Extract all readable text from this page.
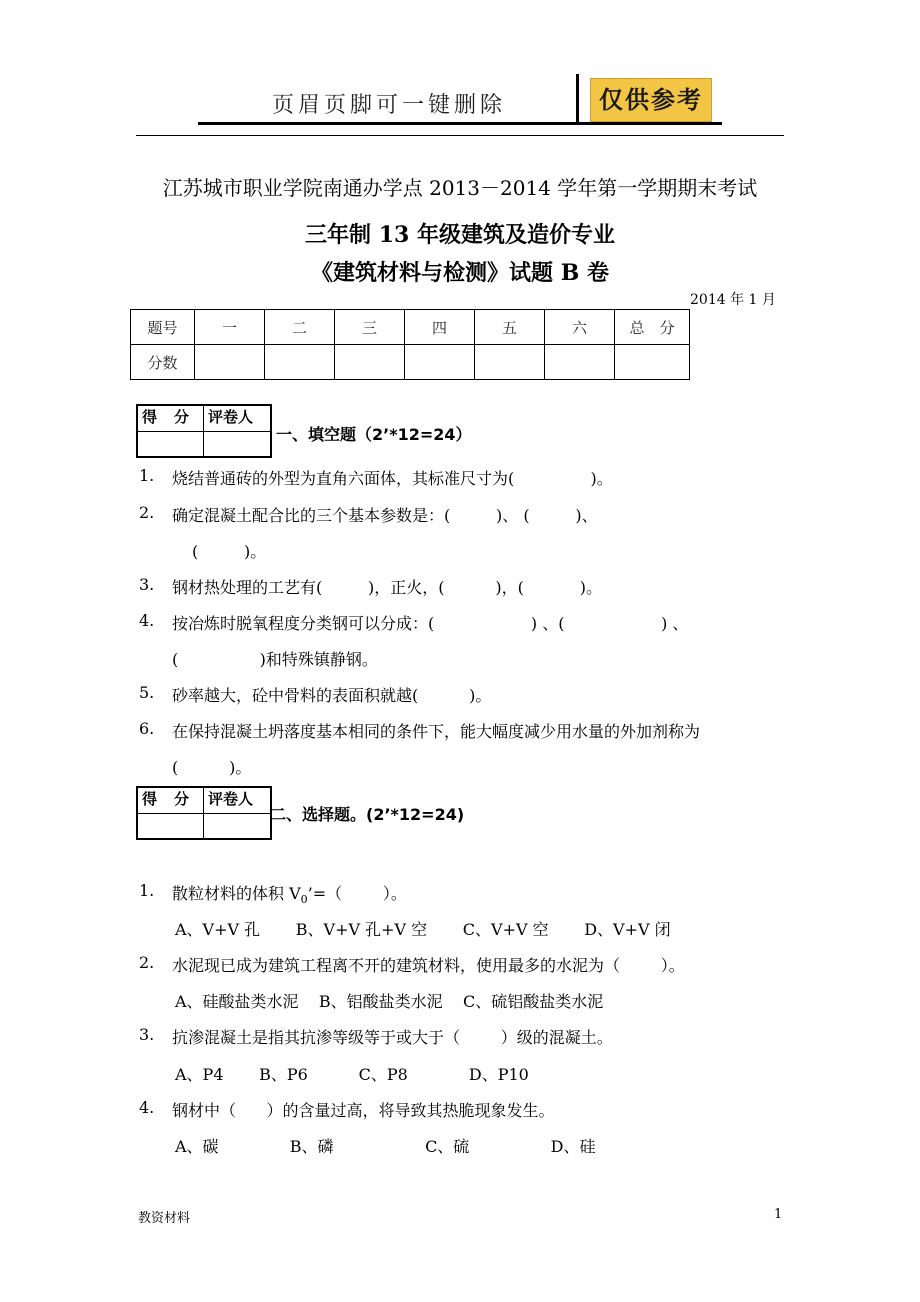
页眉页脚可一键删除	仅供参考
江苏城市职业学院南通办学点 2013－2014 学年第一学期期末考试
三年制 13 年级建筑及造价专业
《建筑材料与检测》试题 B 卷
2014 年 1 月
题号	一	二	三	四	五	六	总　分
分数							
得　分 评卷人
一、填空题（2’*12=24）
1. 烧结普通砖的外型为直角六面体，其标准尺寸为(               )。
2. 确定混凝土配合比的三个基本参数是：(         )、 (         )、
(         )。
3. 钢材热处理的工艺有(         )，正火，(          )，(           )。
4. 按冶炼时脱氧程度分类钢可以分成：(                   ) 、(                   ) 、
(                )和特殊镇静钢。
5. 砂率越大，砼中骨料的表面积就越(          )。
6. 在保持混凝土坍落度基本相同的条件下，能大幅度减少用水量的外加剂称为
(          )。
得　分 评卷人
二、选择题。(2’*12=24)
1. 散粒材料的体积 $V_0’=$（        ）。
A、V+V 孔       B、V+V 孔+V 空       C、V+V 空       D、V+V 闭
2. 水泥现已成为建筑工程离不开的建筑材料，使用最多的水泥为（        ）。
A、硅酸盐类水泥    B、铝酸盐类水泥    C、硫铝酸盐类水泥
3. 抗渗混凝土是指其抗渗等级等于或大于（        ）级的混凝土。
A、P4       B、P6          C、P8            D、P10
4. 钢材中（      ）的含量过高，将导致其热脆现象发生。
A、碳              B、磷                  C、硫                D、硅
教资材料	1
